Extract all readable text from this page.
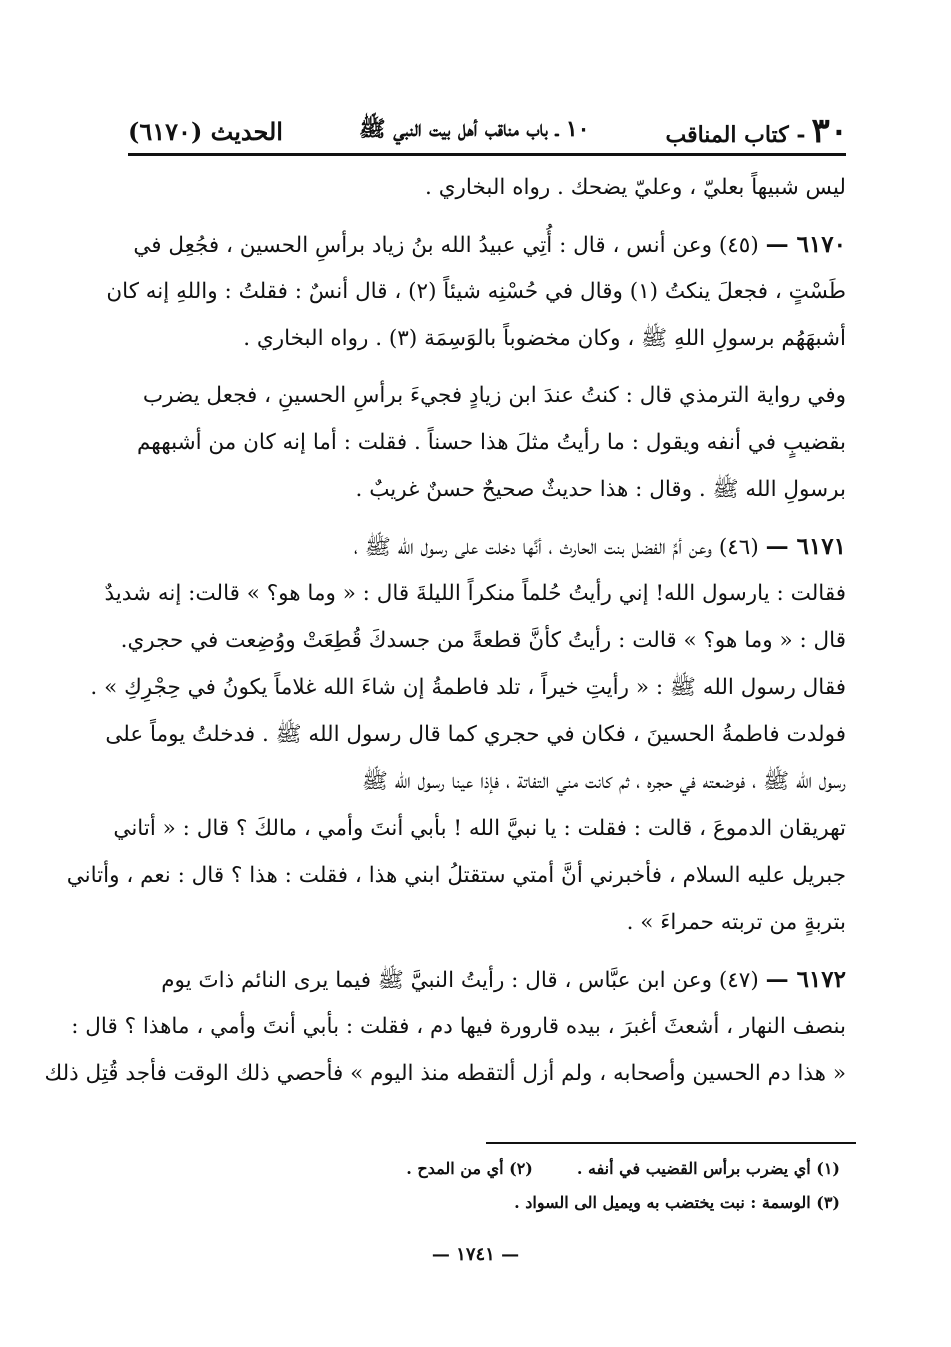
٣٠
- كتاب المناقب
١٠ ـ باب مناقب أهل بيت النبي ﷺ
الحديث (٦١٧٠)
ليس شبيهاً بعليّ ، وعليّ يضحك . رواه البخاري .
٦١٧٠ — (٤٥) وعن أنس ، قال : أُتِي عبيدُ الله بنُ زياد برأسِ الحسين ، فجُعِل في
طَسْتٍ ، فجعلَ ينكتُ (١) وقال في حُسْنِه شيئاً (٢) ، قال أنسٌ : فقلتُ : واللهِ إنه كان
أشبهَهُم برسولِ اللهِ ﷺ ، وكان مخضوباً بالوَسِمَة (٣) . رواه البخاري .
وفي رواية الترمذي قال : كنتُ عندَ ابن زيادٍ فجيءَ برأسِ الحسينِ ، فجعل يضرب
بقضيبٍ في أنفه ويقول : ما رأيتُ مثلَ هذا حسناً . فقلت : أما إنه كان من أشبههم
برسولِ الله ﷺ . وقال : هذا حديثٌ صحيحٌ حسنٌ غريبٌ .
٦١٧١ — (٤٦) وعن أمِّ الفضل بنت الحارث ، أنَّها دخلت على رسول الله ﷺ ،
فقالت : يارسول الله! إني رأيتُ حُلماً منكراً الليلةَ قال : « وما هو؟ » قالت: إنه شديدٌ
قال : « وما هو؟ » قالت : رأيتُ كأنَّ قطعةً من جسدكَ قُطِعَتْ ووُضِعت في حجري.
فقال رسول الله ﷺ : « رأيتِ خيراً ، تلد فاطمةُ إن شاءَ الله غلاماً يكونُ في حِجْرِكِ » .
فولدت فاطمةُ الحسينَ ، فكان في حجري كما قال رسول الله ﷺ . فدخلتُ يوماً على
رسول الله ﷺ ، فوضعته في حجره ، ثم كانت مني التفاتة ، فإذا عينا رسول الله ﷺ
تهريقان الدموعَ ، قالت : فقلت : يا نبيَّ الله ! بأبي أنتَ وأمي ، مالكَ ؟ قال : « أتاني
جبريل عليه السلام ، فأخبرني أنَّ أمتي ستقتلُ ابني هذا ، فقلت : هذا ؟ قال : نعم ، وأتاني
بتربةٍ من تربته حمراءَ » .
٦١٧٢ — (٤٧) وعن ابن عبَّاس ، قال : رأيتُ النبيَّ ﷺ فيما يرى النائم ذاتَ يوم
بنصف النهار ، أشعثَ أغبرَ ، بيده قارورة فيها دم ، فقلت : بأبي أنتَ وأمي ، ماهذا ؟ قال :
« هذا دم الحسين وأصحابه ، ولم أزل ألتقطه منذ اليوم » فأحصي ذلك الوقت فأجد قُتِل ذلك
(١) أي يضرب برأس القضيب في أنفه .
(٢) أي من المدح .
(٣) الوسمة : نبت يختضب به ويميل الى السواد .
— ١٧٤١ —
